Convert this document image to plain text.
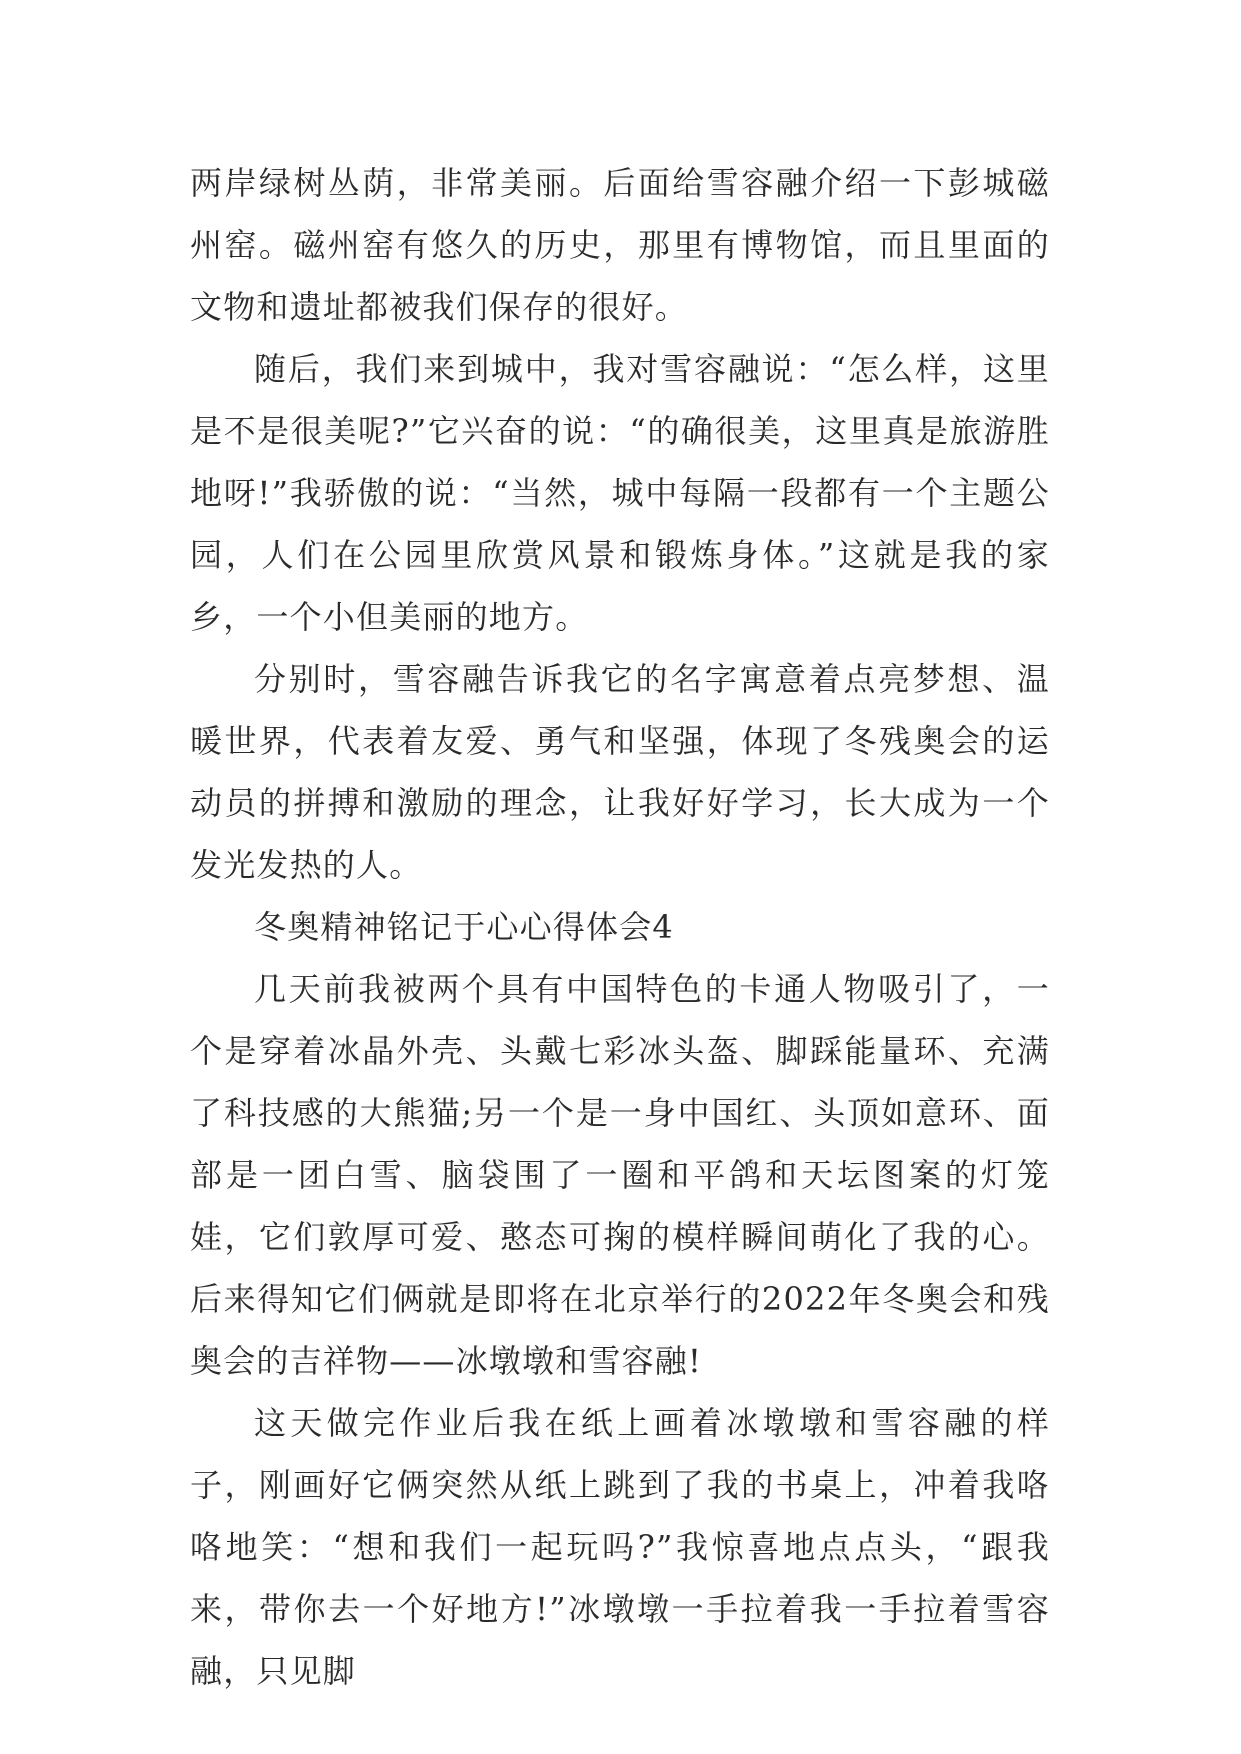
两岸绿树丛荫，非常美丽。后面给雪容融介绍一下彭城磁州窑。磁州窑有悠久的历史，那里有博物馆，而且里面的文物和遗址都被我们保存的很好。

随后，我们来到城中，我对雪容融说：“怎么样，这里是不是很美呢?”它兴奋的说：“的确很美，这里真是旅游胜地呀!”我骄傲的说：“当然，城中每隔一段都有一个主题公园，人们在公园里欣赏风景和锻炼身体。”这就是我的家乡，一个小但美丽的地方。

分别时，雪容融告诉我它的名字寓意着点亮梦想、温暖世界，代表着友爱、勇气和坚强，体现了冬残奥会的运动员的拼搏和激励的理念，让我好好学习，长大成为一个发光发热的人。

冬奥精神铭记于心心得体会4

几天前我被两个具有中国特色的卡通人物吸引了，一个是穿着冰晶外壳、头戴七彩冰头盔、脚踩能量环、充满了科技感的大熊猫;另一个是一身中国红、头顶如意环、面部是一团白雪、脑袋围了一圈和平鸽和天坛图案的灯笼娃，它们敦厚可爱、憨态可掬的模样瞬间萌化了我的心。后来得知它们俩就是即将在北京举行的2022年冬奥会和残奥会的吉祥物——冰墩墩和雪容融!

这天做完作业后我在纸上画着冰墩墩和雪容融的样子，刚画好它俩突然从纸上跳到了我的书桌上，冲着我咯咯地笑：“想和我们一起玩吗?”我惊喜地点点头，“跟我来，带你去一个好地方!”冰墩墩一手拉着我一手拉着雪容融，只见脚
